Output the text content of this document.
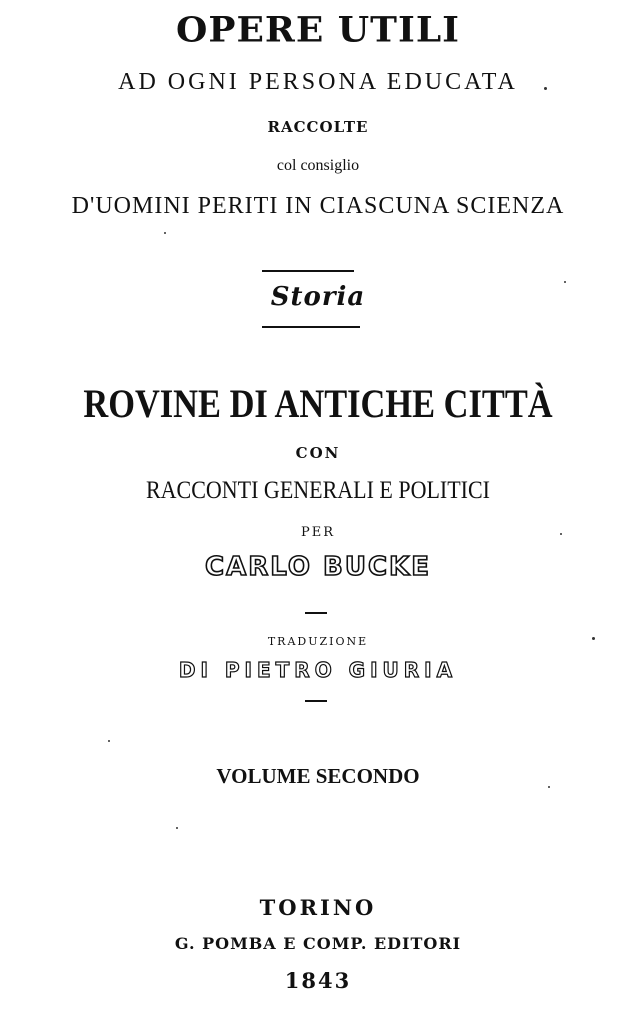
OPERE UTILI
AD OGNI PERSONA EDUCATA
RACCOLTE
col consiglio
D'UOMINI PERITI IN CIASCUNA SCIENZA
Storia
ROVINE DI ANTICHE CITTÀ
CON
RACCONTI GENERALI E POLITICI
PER
CARLO BUCKE
TRADUZIONE
DI PIETRO GIURIA
VOLUME SECONDO
TORINO
G. POMBA E COMP. EDITORI
1843
